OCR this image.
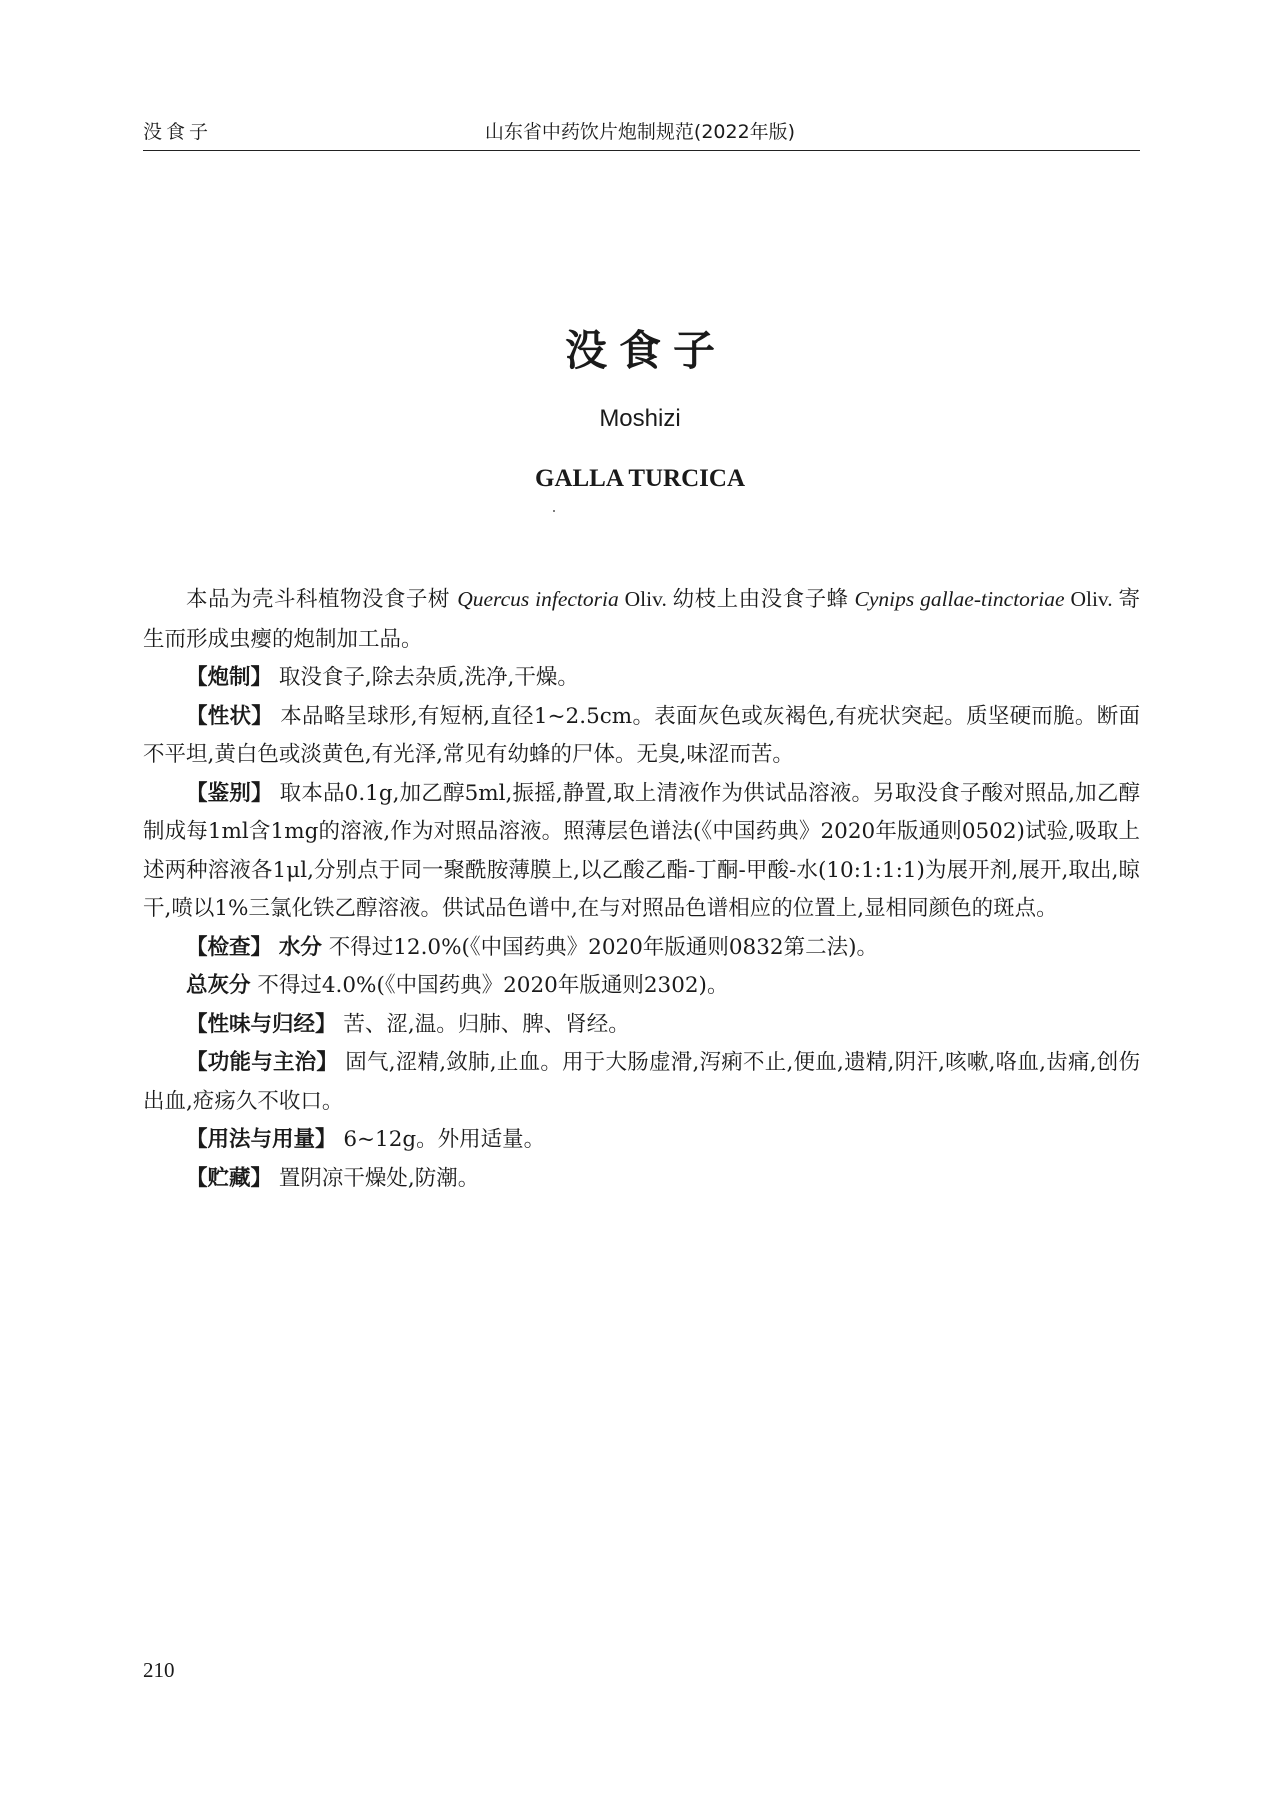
没食子	山东省中药饮片炮制规范(2022年版)
没食子
Moshizi
GALLA TURCICA

本品为壳斗科植物没食子树 Quercus infectoria Oliv. 幼枝上由没食子蜂 Cynips gallae-tinctoriae Oliv. 寄生而形成虫瘿的炮制加工品。

【炮制】 取没食子,除去杂质,洗净,干燥。

【性状】 本品略呈球形,有短柄,直径1~2.5cm。表面灰色或灰褐色,有疣状突起。质坚硬而脆。断面不平坦,黄白色或淡黄色,有光泽,常见有幼蜂的尸体。无臭,味涩而苦。

【鉴别】 取本品0.1g,加乙醇5ml,振摇,静置,取上清液作为供试品溶液。另取没食子酸对照品,加乙醇制成每1ml含1mg的溶液,作为对照品溶液。照薄层色谱法(《中国药典》2020年版通则0502)试验,吸取上述两种溶液各1μl,分别点于同一聚酰胺薄膜上,以乙酸乙酯-丁酮-甲酸-水(10:1:1:1)为展开剂,展开,取出,晾干,喷以1%三氯化铁乙醇溶液。供试品色谱中,在与对照品色谱相应的位置上,显相同颜色的斑点。

【检查】 水分 不得过12.0%(《中国药典》2020年版通则0832第二法)。

总灰分 不得过4.0%(《中国药典》2020年版通则2302)。

【性味与归经】 苦、涩,温。归肺、脾、肾经。

【功能与主治】 固气,涩精,敛肺,止血。用于大肠虚滑,泻痢不止,便血,遗精,阴汗,咳嗽,咯血,齿痛,创伤出血,疮疡久不收口。

【用法与用量】 6~12g。外用适量。

【贮藏】 置阴凉干燥处,防潮。

210
